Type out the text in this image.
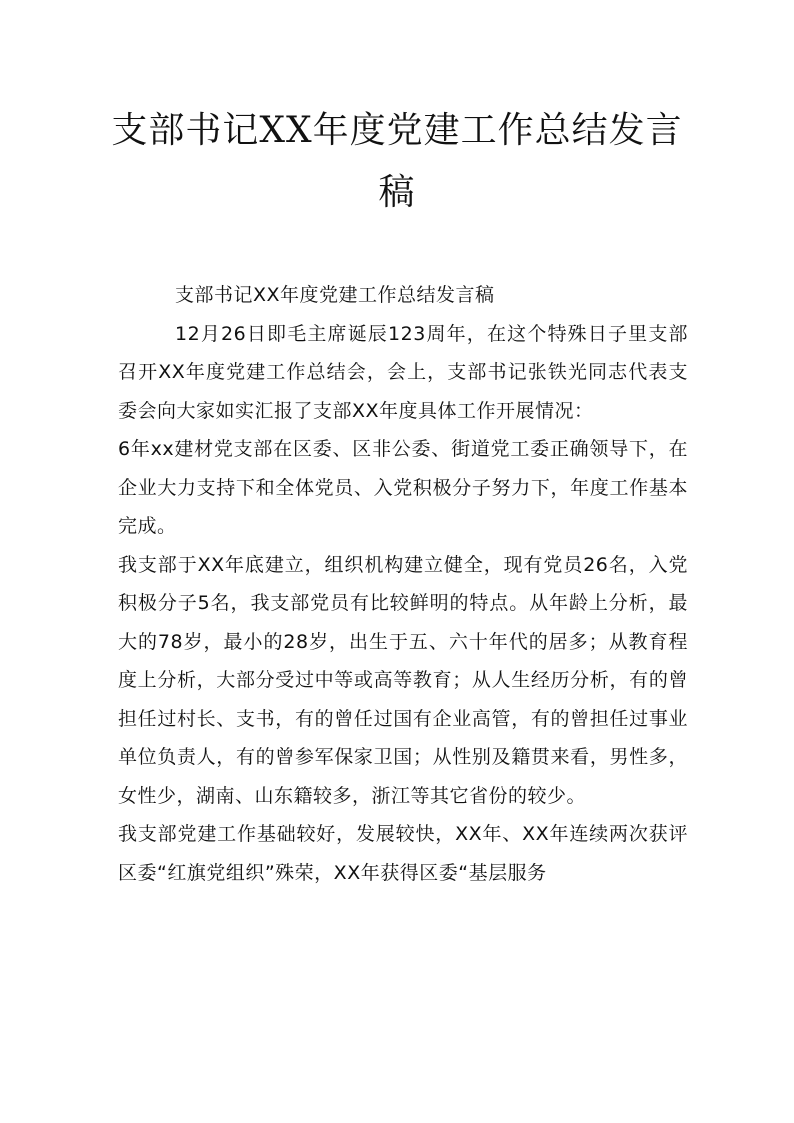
支部书记XX年度党建工作总结发言稿

支部书记XX年度党建工作总结发言稿

12月26日即毛主席诞辰123周年，在这个特殊日子里支部召开XX年度党建工作总结会，会上，支部书记张铁光同志代表支委会向大家如实汇报了支部XX年度具体工作开展情况：

6年xx建材党支部在区委、区非公委、街道党工委正确领导下，在企业大力支持下和全体党员、入党积极分子努力下，年度工作基本完成。

我支部于XX年底建立，组织机构建立健全，现有党员26名，入党积极分子5名，我支部党员有比较鲜明的特点。从年龄上分析，最大的78岁，最小的28岁，出生于五、六十年代的居多；从教育程度上分析，大部分受过中等或高等教育；从人生经历分析，有的曾担任过村长、支书，有的曾任过国有企业高管，有的曾担任过事业单位负责人，有的曾参军保家卫国；从性别及籍贯来看，男性多，女性少，湖南、山东籍较多，浙江等其它省份的较少。

我支部党建工作基础较好，发展较快，XX年、XX年连续两次获评区委“红旗党组织”殊荣，XX年获得区委“基层服务
